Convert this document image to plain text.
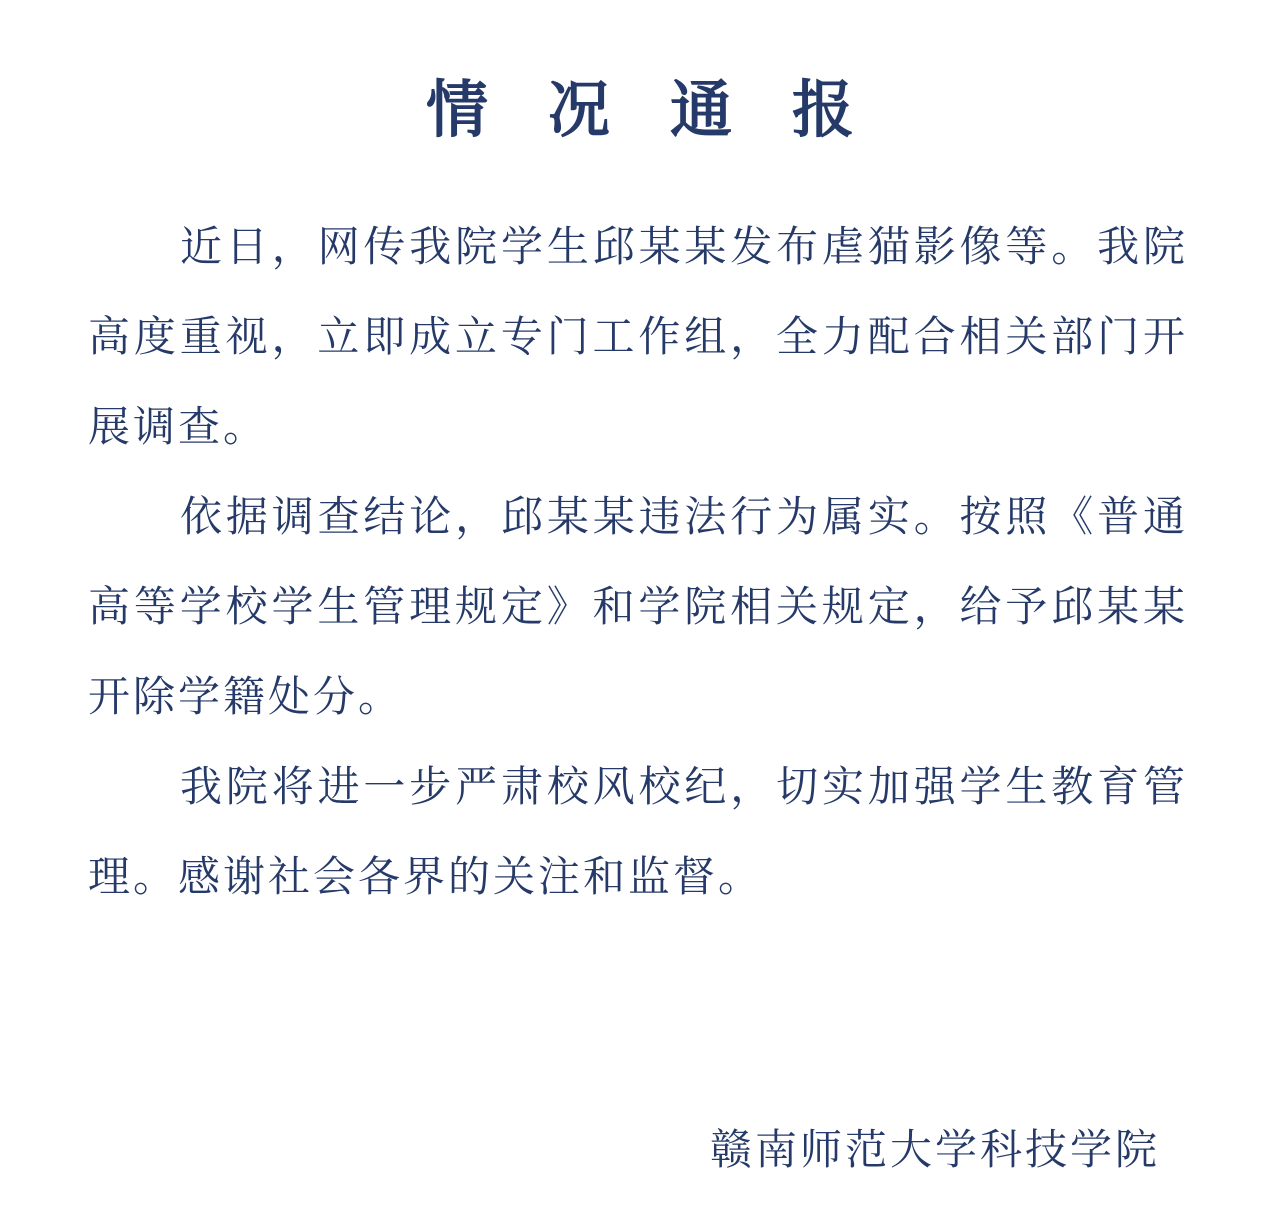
情 况 通 报

近日，网传我院学生邱某某发布虐猫影像等。我院高度重视，立即成立专门工作组，全力配合相关部门开展调查。

依据调查结论，邱某某违法行为属实。按照《普通高等学校学生管理规定》和学院相关规定，给予邱某某开除学籍处分。

我院将进一步严肃校风校纪，切实加强学生教育管理。感谢社会各界的关注和监督。

赣南师范大学科技学院
